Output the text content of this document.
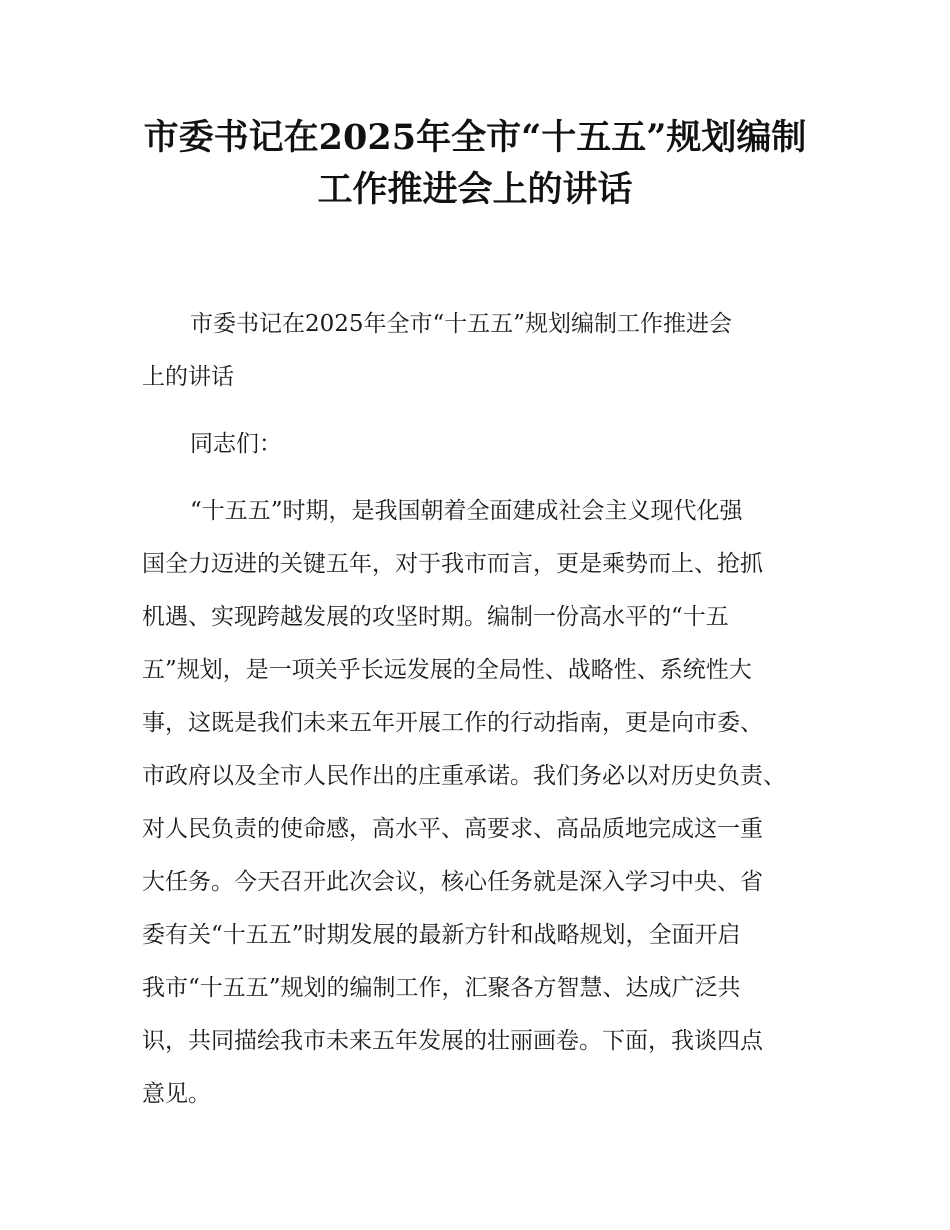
市委书记在2025年全市“十五五”规划编制
工作推进会上的讲话
市委书记在2025年全市“十五五”规划编制工作推进会
上的讲话
同志们：
“十五五”时期，是我国朝着全面建成社会主义现代化强
国全力迈进的关键五年，对于我市而言，更是乘势而上、抢抓
机遇、实现跨越发展的攻坚时期。编制一份高水平的“十五
五”规划，是一项关乎长远发展的全局性、战略性、系统性大
事，这既是我们未来五年开展工作的行动指南，更是向市委、
市政府以及全市人民作出的庄重承诺。我们务必以对历史负责、
对人民负责的使命感，高水平、高要求、高品质地完成这一重
大任务。今天召开此次会议，核心任务就是深入学习中央、省
委有关“十五五”时期发展的最新方针和战略规划，全面开启
我市“十五五”规划的编制工作，汇聚各方智慧、达成广泛共
识，共同描绘我市未来五年发展的壮丽画卷。下面，我谈四点
意见。
